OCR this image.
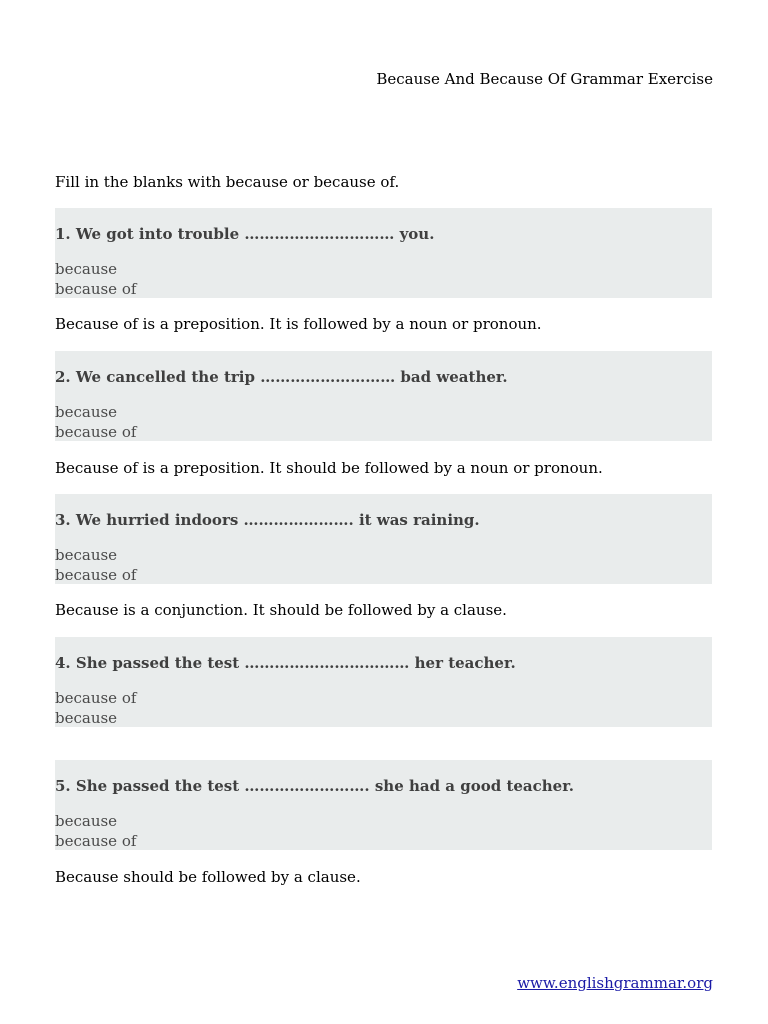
Because And Because Of Grammar Exercise
Fill in the blanks with because or because of.
1. We got into trouble ………………………… you.
because
because of
Because of is a preposition. It is followed by a noun or pronoun.
2. We cancelled the trip ……………………… bad weather.
because
because of
Because of is a preposition. It should be followed by a noun or pronoun.
3. We hurried indoors …………………. it was raining.
because
because of
Because is a conjunction. It should be followed by a clause.
4. She passed the test …………………………… her teacher.
because of
because
5. She passed the test ……………………. she had a good teacher.
because
because of
Because should be followed by a clause.
www.englishgrammar.org
